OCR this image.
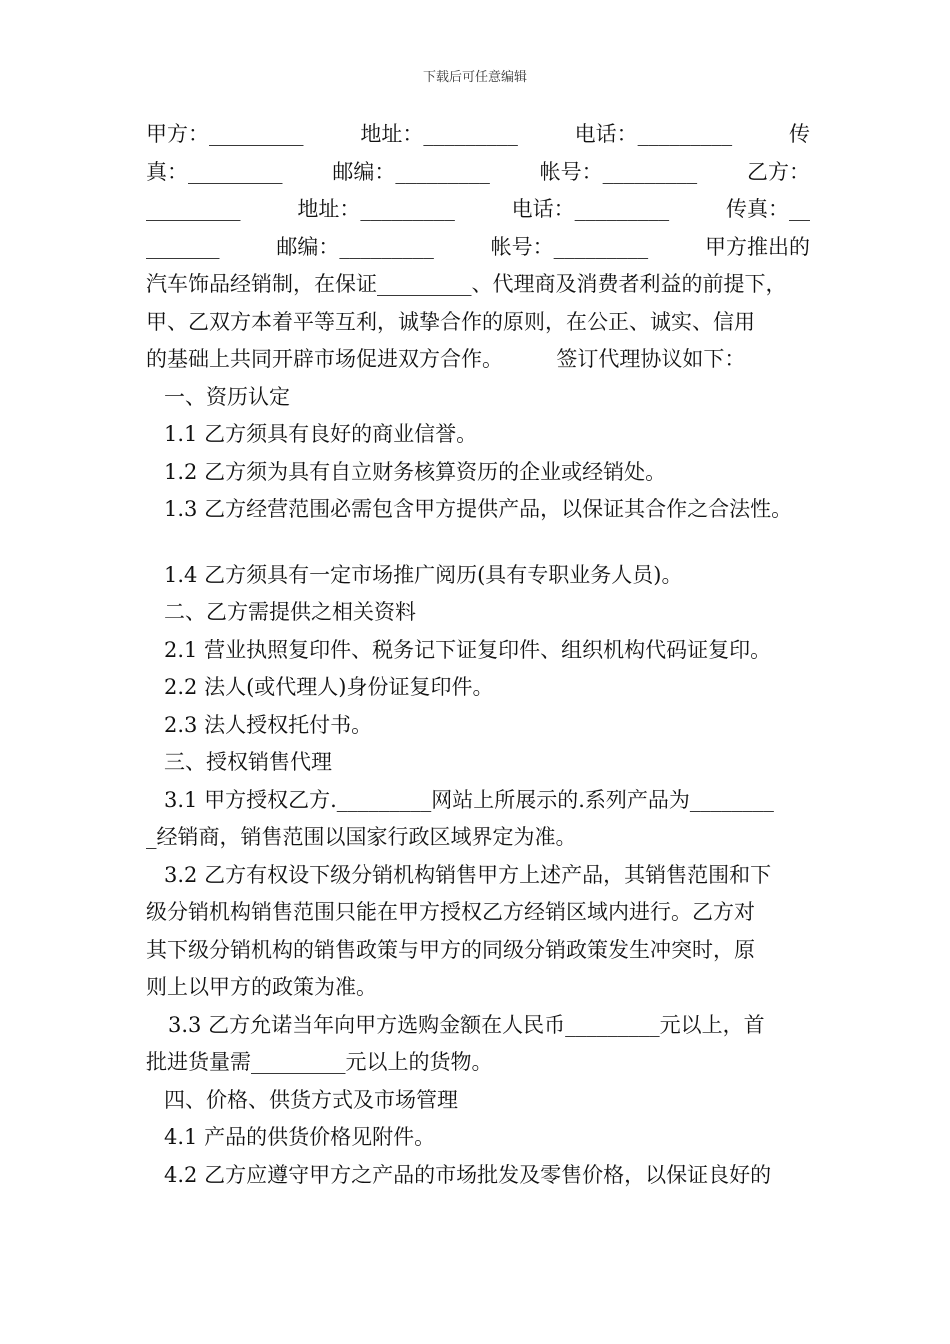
下载后可任意编辑
甲方：_________	地址：_________	电话：_________	传
真：_________ 邮编：_________ 帐号：_________ 乙方：
_________	地址：_________	电话：_________	传真：__
_______	邮编：_________	帐号：_________	甲方推出的
汽车饰品经销制，在保证_________、代理商及消费者利益的前提下，
甲、乙双方本着平等互利，诚挚合作的原则，在公正、诚实、信用
的基础上共同开辟市场促进双方合作。        签订代理协议如下：
一、资历认定
1.1 乙方须具有良好的商业信誉。
1.2 乙方须为具有自立财务核算资历的企业或经销处。
1.3 乙方经营范围必需包含甲方提供产品，以保证其合作之合法性。
1.4 乙方须具有一定市场推广阅历(具有专职业务人员)。
二、乙方需提供之相关资料
2.1 营业执照复印件、税务记下证复印件、组织机构代码证复印。
2.2 法人(或代理人)身份证复印件。
2.3 法人授权托付书。
三、授权销售代理
3.1 甲方授权乙方._________网站上所展示的.系列产品为________
_经销商，销售范围以国家行政区域界定为准。
3.2 乙方有权设下级分销机构销售甲方上述产品，其销售范围和下
级分销机构销售范围只能在甲方授权乙方经销区域内进行。乙方对
其下级分销机构的销售政策与甲方的同级分销政策发生冲突时，原
则上以甲方的政策为准。
3.3 乙方允诺当年向甲方选购金额在人民币_________元以上，首
批进货量需_________元以上的货物。
四、价格、供货方式及市场管理
4.1 产品的供货价格见附件。
4.2 乙方应遵守甲方之产品的市场批发及零售价格，以保证良好的
